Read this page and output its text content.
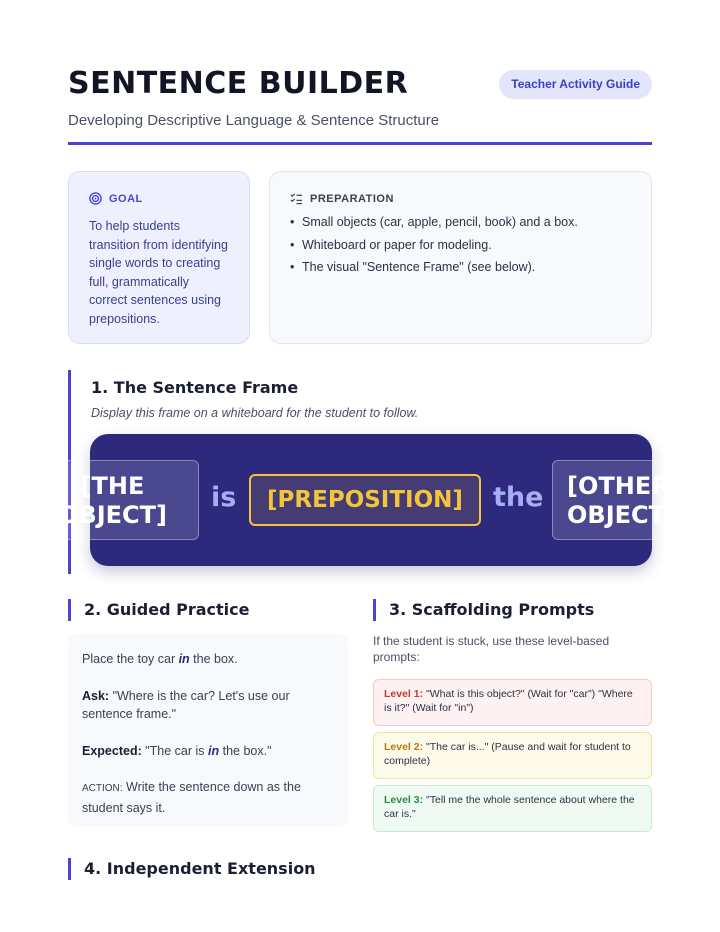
SENTENCE BUILDER
Developing Descriptive Language & Sentence Structure
Teacher Activity Guide
GOAL
To help students transition from identifying single words to creating full, grammatically correct sentences using prepositions.
PREPARATION
• Small objects (car, apple, pencil, book) and a box.
• Whiteboard or paper for modeling.
• The visual "Sentence Frame" (see below).
1. The Sentence Frame
Display this frame on a whiteboard for the student to follow.
[THE
OBJECT]
is	[PREPOSITION]	the [OTHER
OBJECT]
2. Guided Practice

Place the toy car in the box.

Ask: "Where is the car? Let's use our sentence frame."

Expected: "The car is in the box."

ACTION: Write the sentence down as the student says it.

3. Scaffolding Prompts
If the student is stuck, use these level-based prompts:
Level 1: "What is this object?" (Wait for "car") "Where is it?" (Wait for "in")
Level 2: "The car is..." (Pause and wait for student to complete)
Level 3: "Tell me the whole sentence about where the car is."
4. Independent Extension
